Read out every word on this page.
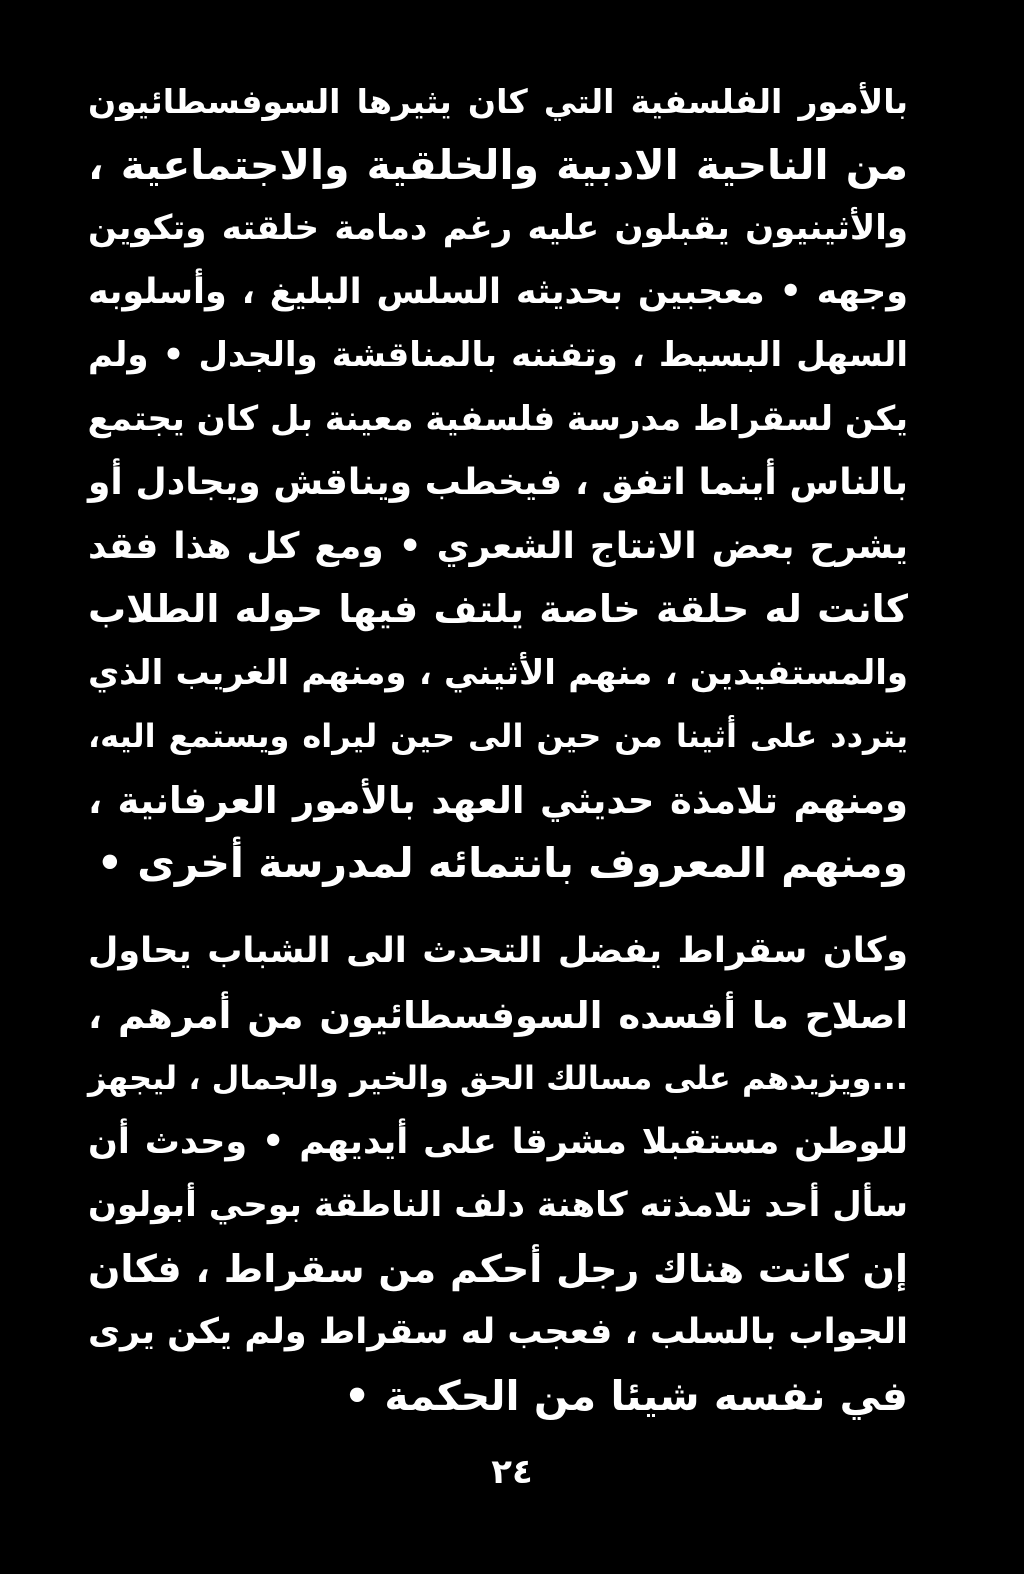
بالأمور الفلسفية التي كان يثيرها السوفسطائيون
من الناحية الادبية والخلقية والاجتماعية ،
والأثينيون يقبلون عليه رغم دمامة خلقته وتكوين
وجهه • معجبين بحديثه السلس البليغ ، وأسلوبه
السهل البسيط ، وتفننه بالمناقشة والجدل • ولم
يكن لسقراط مدرسة فلسفية معينة بل كان يجتمع
بالناس أينما اتفق ، فيخطب ويناقش ويجادل أو
يشرح بعض الانتاج الشعري • ومع كل هذا فقد
كانت له حلقة خاصة يلتف فيها حوله الطلاب
والمستفيدين ، منهم الأثيني ، ومنهم الغريب الذي
يتردد على أثينا من حين الى حين ليراه ويستمع اليه،
ومنهم تلامذة حديثي العهد بالأمور العرفانية ،
ومنهم المعروف بانتمائه لمدرسة أخرى •
وكان سقراط يفضل التحدث الى الشباب يحاول
اصلاح ما أفسده السوفسطائيون من أمرهم ،
...ويزيدهم على مسالك الحق والخير والجمال ، ليجهز
للوطن مستقبلا مشرقا على أيديهم • وحدث أن
سأل أحد تلامذته كاهنة دلف الناطقة بوحي أبولون
إن كانت هناك رجل أحكم من سقراط ، فكان
الجواب بالسلب ، فعجب له سقراط ولم يكن يرى
في نفسه شيئا من الحكمة •
٢٤
